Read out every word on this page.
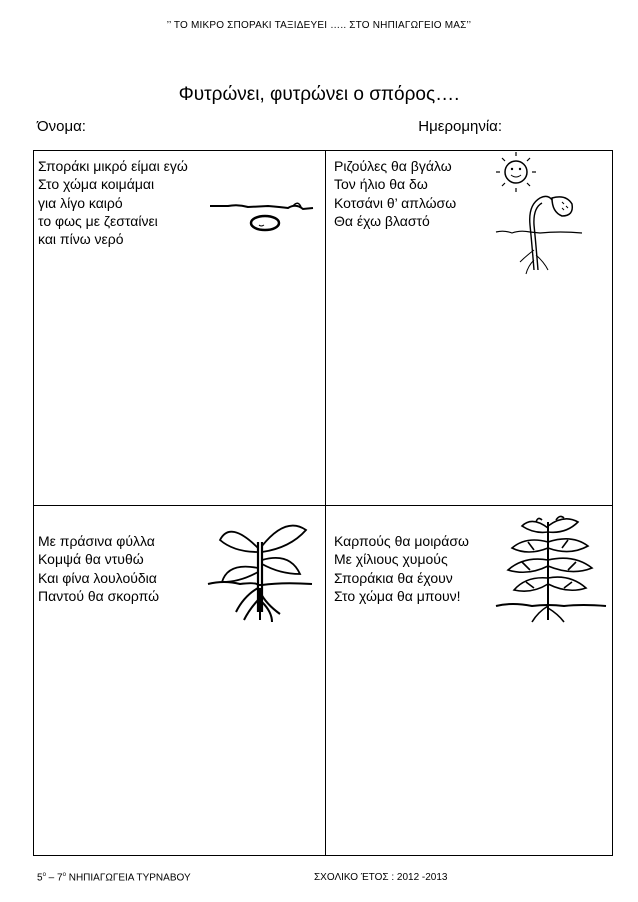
’’ ΤΟ ΜΙΚΡΟ ΣΠΟΡΑΚΙ ΤΑΞΙΔΕΥΕΙ ….. ΣΤΟ ΝΗΠΙΑΓΩΓΕΙΟ ΜΑΣ’’
Φυτρώνει, φυτρώνει ο σπόρος….
Όνομα:	Ημερομηνία:
Σποράκι μικρό είμαι εγώ
Στο χώμα κοιμάμαι
για λίγο καιρό
το φως με ζεσταίνει
και πίνω νερό
Ριζούλες θα βγάλω
Τον ήλιο θα δω
Κοτσάνι θ’ απλώσω
Θα έχω βλαστό
Με πράσινα φύλλα
Κομψά θα ντυθώ
Και φίνα λουλούδια
Παντού θα σκορπώ
Καρπούς θα μοιράσω
Με χίλιους χυμούς
Σποράκια θα έχουν
Στο χώμα θα μπουν!
$5^o - 7^o$ ΝΗΠΙΑΓΩΓΕΙΑ ΤΥΡΝΑΒΟΥ	ΣΧΟΛΙΚΟ ΈΤΟΣ : 2012 -2013
